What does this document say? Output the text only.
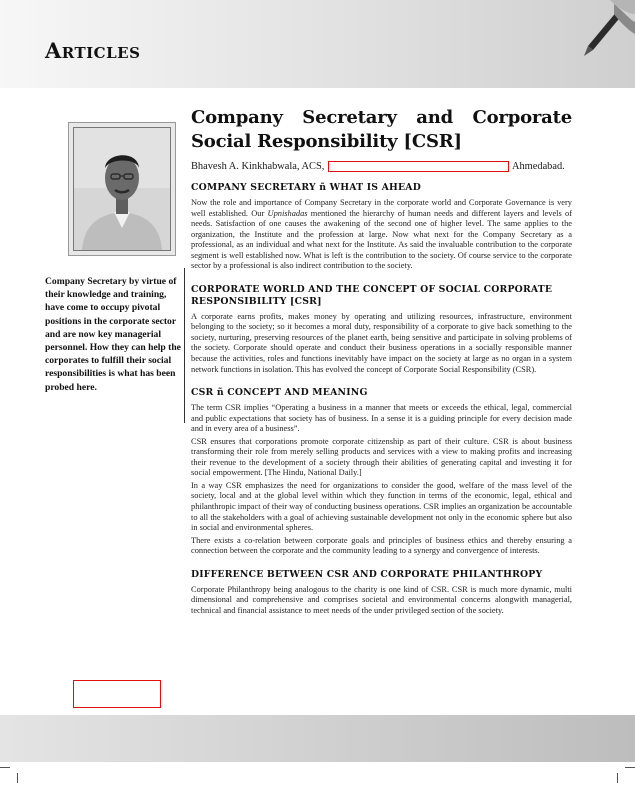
Articles
Company Secretary by virtue of their knowledge and training, have come to occupy pivotal positions in the corporate sector and are now key managerial personnel. How they can help the corporates to fulfill their social responsibilities is what has been probed here.
Company Secretary and Corporate Social Responsibility [CSR]
Bhavesh A. Kinkhabwala, ACS,	Ahmedabad.
COMPANY SECRETARY ñ WHAT IS AHEAD

Now the role and importance of Company Secretary in the corporate world and Corporate Governance is very well established. Our Upnishadas mentioned the hierarchy of human needs and different layers and levels of needs. Satisfaction of one causes the awakening of the second one of higher level. The same applies to the organization, the Institute and the profession at large. Now what next for the Company Secretary as a professional, as an individual and what next for the Institute. As said the invaluable contribution to the corporate segment is well established now. What is left is the contribution to the society. Of course service to the corporate sector by a professional is also indirect contribution to the society.

CORPORATE WORLD AND THE CONCEPT OF SOCIAL CORPORATE RESPONSIBILITY [CSR]

A corporate earns profits, makes money by operating and utilizing resources, infrastructure, environment belonging to the society; so it becomes a moral duty, responsibility of a corporate to give back something to the society, nurturing, preserving resources of the planet earth, being sensitive and participate in solving problems of the society. Corporate should operate and conduct their business operations in a socially responsible manner because the activities, roles and functions inevitably have impact on the society at large as no organ in a system network functions in isolation. This has evolved the concept of Corporate Social Responsibility (CSR).

CSR ñ CONCEPT AND MEANING

The term CSR implies “Operating a business in a manner that meets or exceeds the ethical, legal, commercial and public expectations that society has of business. In a sense it is a guiding principle for every decision made and in every area of a business”.

CSR ensures that corporations promote corporate citizenship as part of their culture. CSR is about business transforming their role from merely selling products and services with a view to making profits and increasing their revenue to the development of a society through their abilities of generating capital and investing it for social empowerment. [The Hindu, National Daily.]

In a way CSR emphasizes the need for organizations to consider the good, welfare of the mass level of the society, local and at the global level within which they function in terms of the economic, legal, ethical and philanthropic impact of their way of conducting business operations. CSR implies an organization be accountable to all the stakeholders with a goal of achieving sustainable development not only in the economic sphere but also in social and environmental spheres.

There exists a co-relation between corporate goals and principles of business ethics and thereby ensuring a connection between the corporate and the community leading to a synergy and convergence of interests.

DIFFERENCE BETWEEN CSR AND CORPORATE PHILANTHROPY

Corporate Philanthropy being analogous to the charity is one kind of CSR. CSR is much more dynamic, multi dimensional and comprehensive and comprises societal and environmental concerns alongwith managerial, technical and financial assistance to meet needs of the under privileged section of the society.
